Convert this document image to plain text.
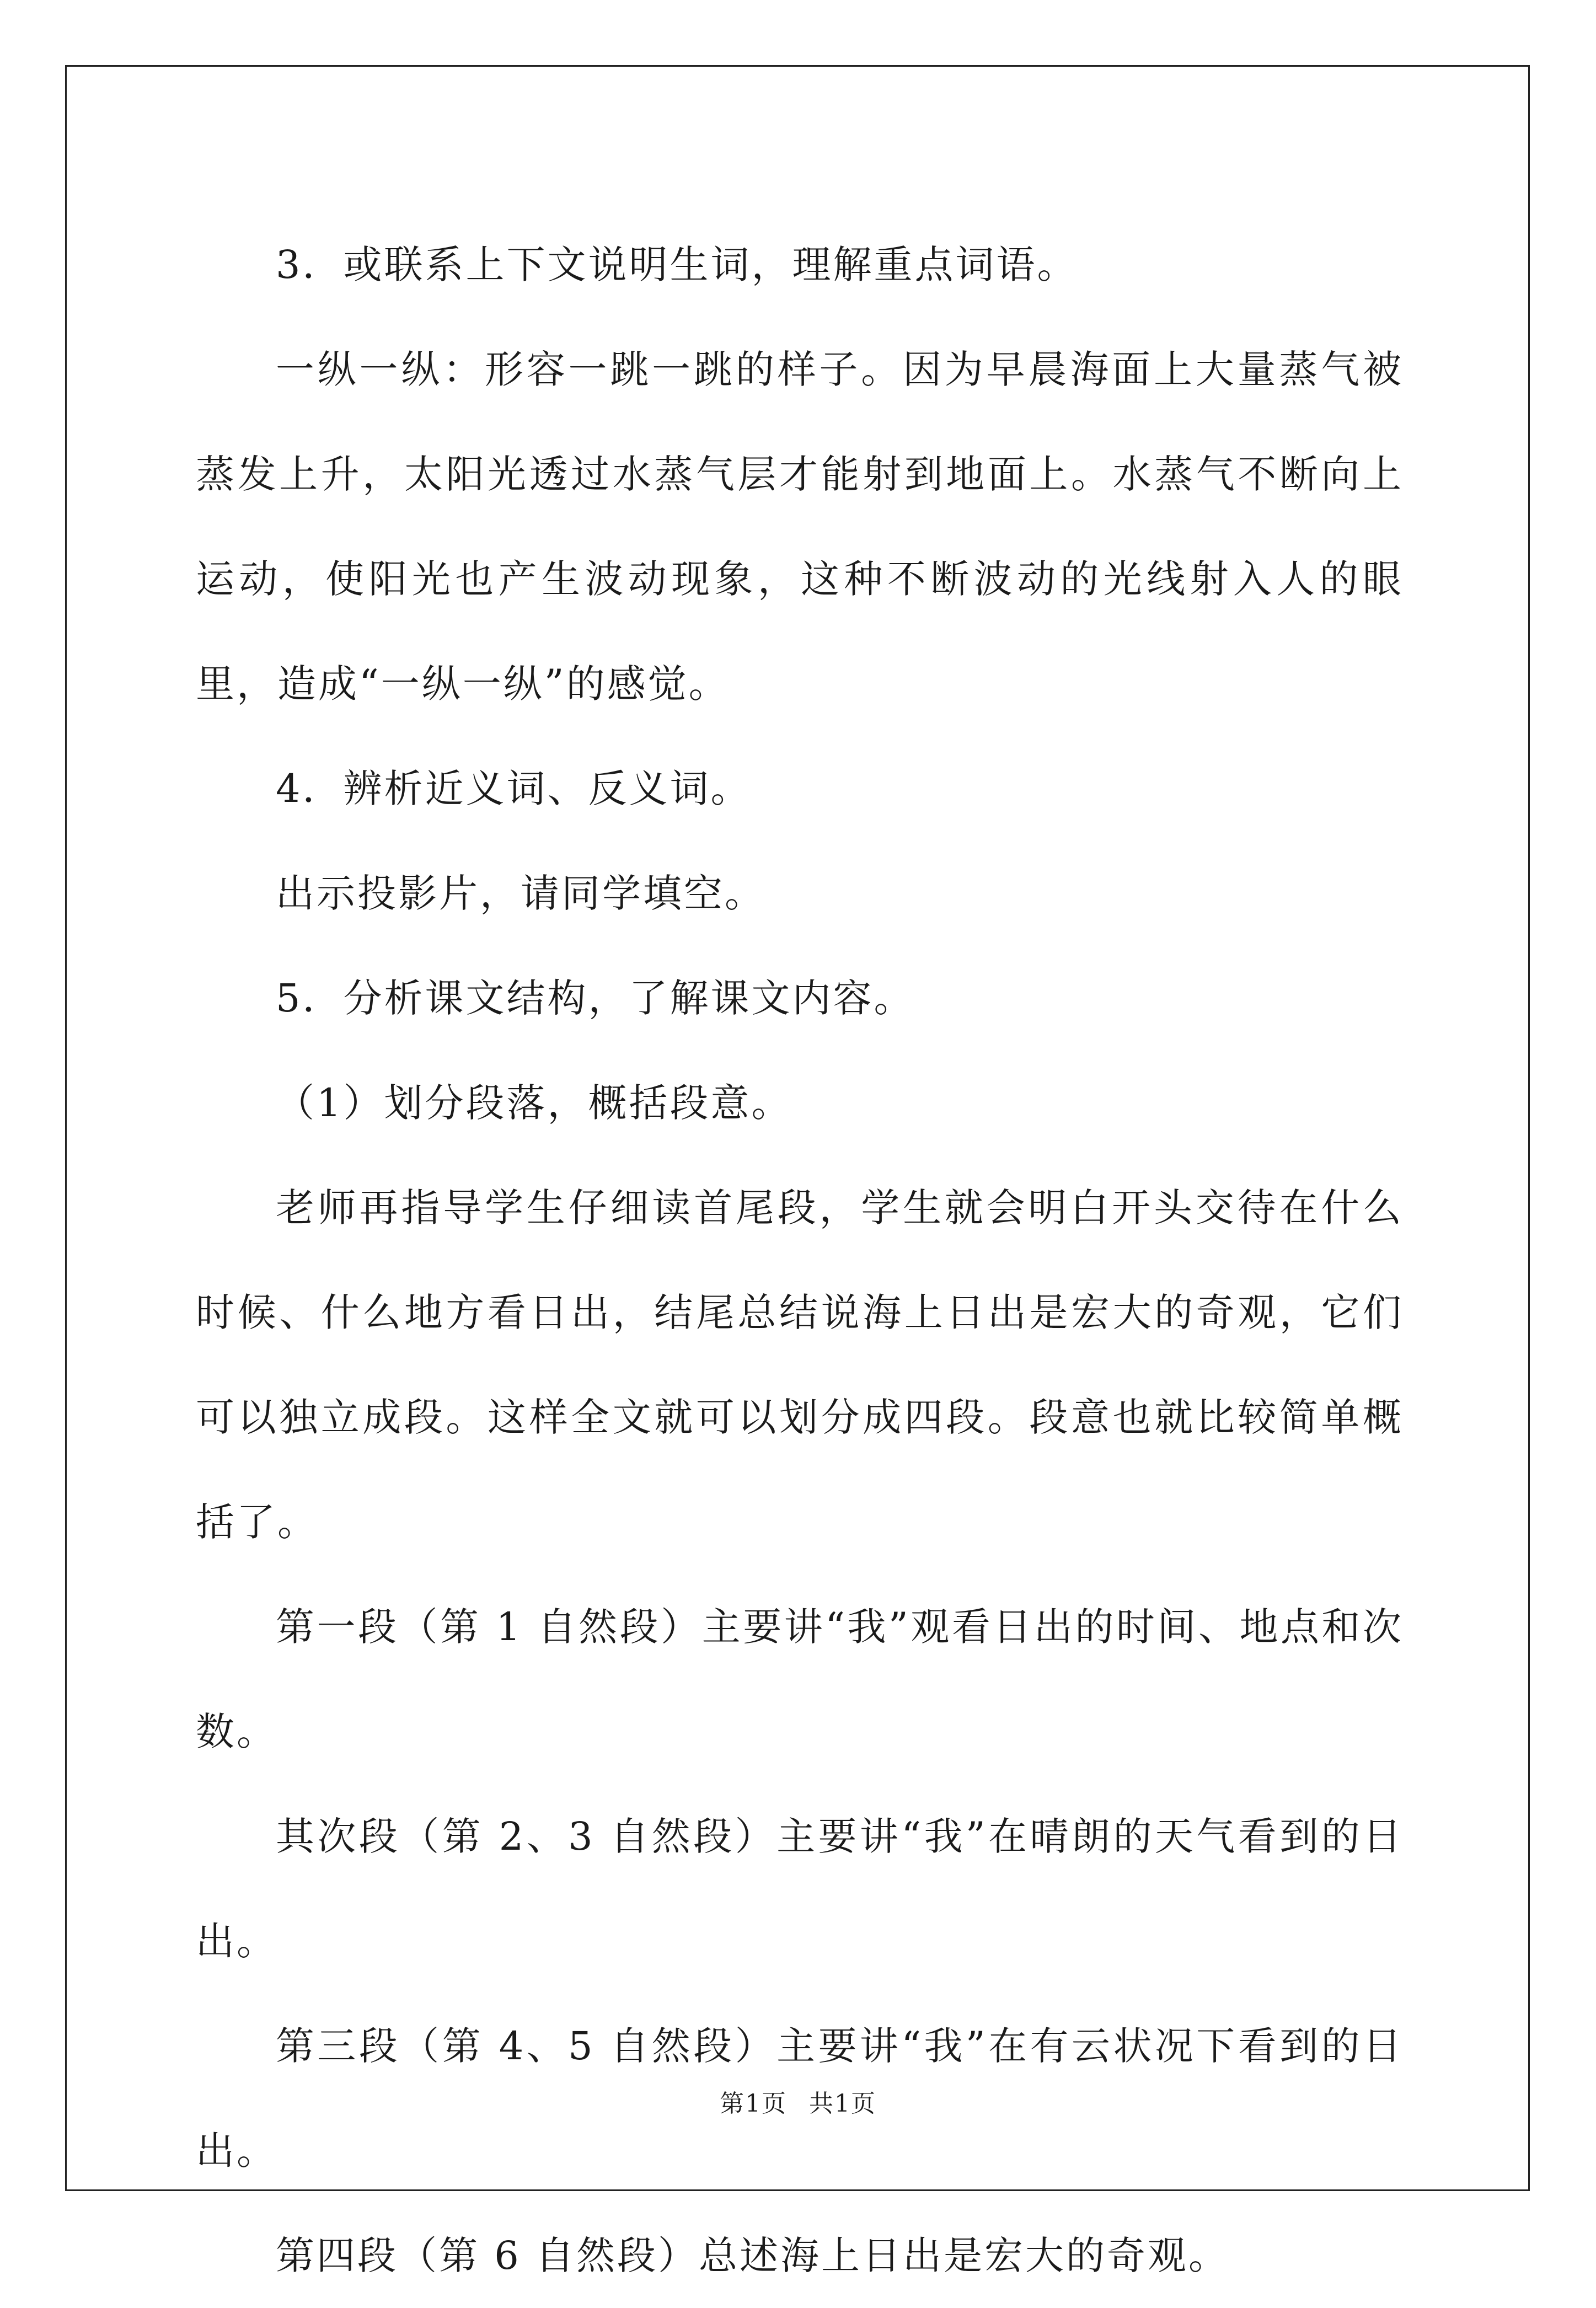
3．或联系上下文说明生词，理解重点词语。

一纵一纵：形容一跳一跳的样子。因为早晨海面上大量蒸气被蒸发上升，太阳光透过水蒸气层才能射到地面上。水蒸气不断向上运动，使阳光也产生波动现象，这种不断波动的光线射入人的眼里，造成“一纵一纵”的感觉。

4．辨析近义词、反义词。

出示投影片，请同学填空。

5．分析课文结构，了解课文内容。

（1）划分段落，概括段意。

老师再指导学生仔细读首尾段，学生就会明白开头交待在什么时候、什么地方看日出，结尾总结说海上日出是宏大的奇观，它们可以独立成段。这样全文就可以划分成四段。段意也就比较简单概括了。

第一段（第 1 自然段）主要讲“我”观看日出的时间、地点和次数。

其次段（第 2、3 自然段）主要讲“我”在晴朗的天气看到的日出。

第三段（第 4、5 自然段）主要讲“我”在有云状况下看到的日出。

第四段（第 6 自然段）总述海上日出是宏大的奇观。

第1页 共1页
